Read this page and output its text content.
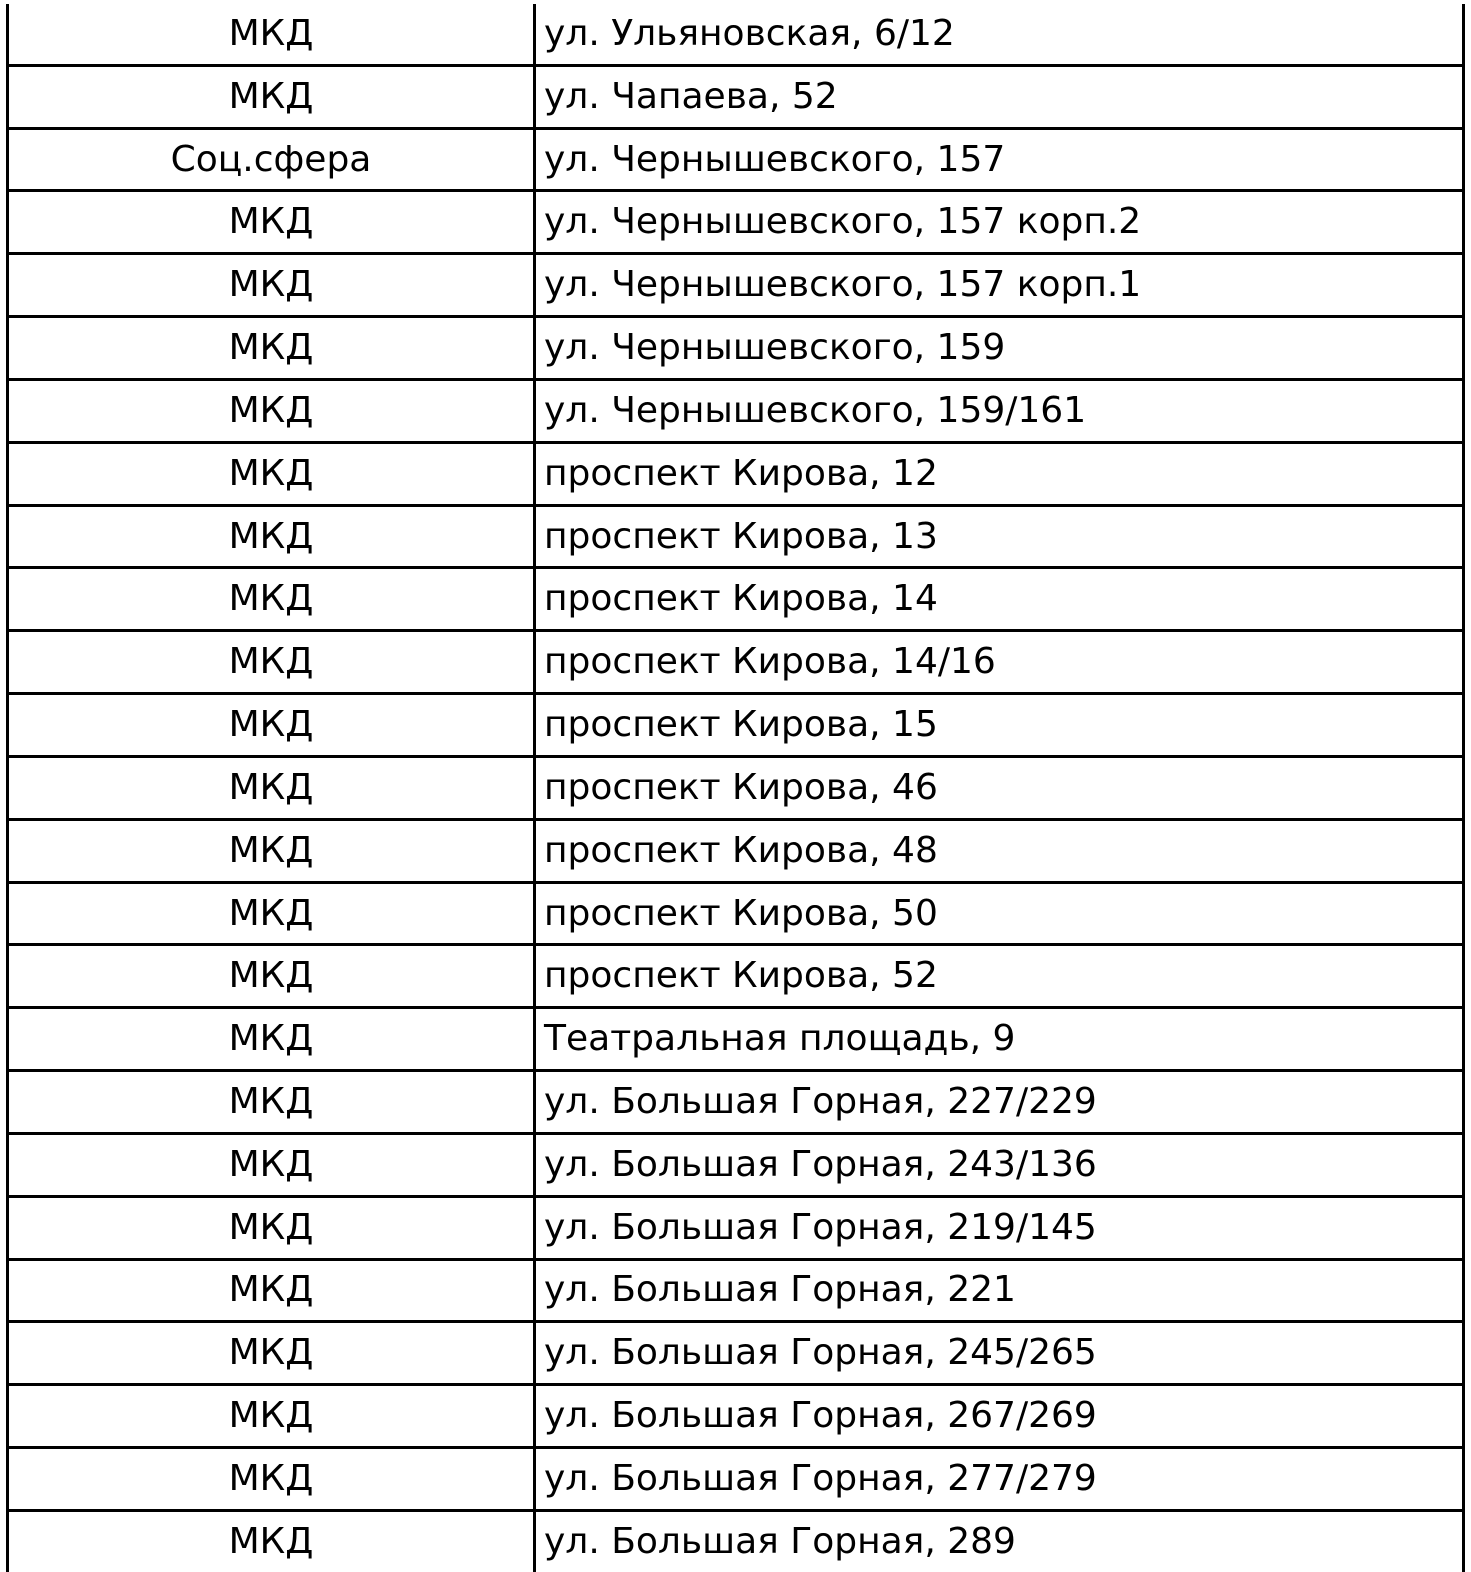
МКД	ул. Ульяновская, 6/12
МКД	ул. Чапаева, 52
Соц.сфера	ул. Чернышевского, 157
МКД	ул. Чернышевского, 157 корп.2
МКД	ул. Чернышевского, 157 корп.1
МКД	ул. Чернышевского, 159
МКД	ул. Чернышевского, 159/161
МКД	проспект Кирова, 12
МКД	проспект Кирова, 13
МКД	проспект Кирова, 14
МКД	проспект Кирова, 14/16
МКД	проспект Кирова, 15
МКД	проспект Кирова, 46
МКД	проспект Кирова, 48
МКД	проспект Кирова, 50
МКД	проспект Кирова, 52
МКД	Театральная площадь, 9
МКД	ул. Большая Горная, 227/229
МКД	ул. Большая Горная, 243/136
МКД	ул. Большая Горная, 219/145
МКД	ул. Большая Горная, 221
МКД	ул. Большая Горная, 245/265
МКД	ул. Большая Горная, 267/269
МКД	ул. Большая Горная, 277/279
МКД	ул. Большая Горная, 289
